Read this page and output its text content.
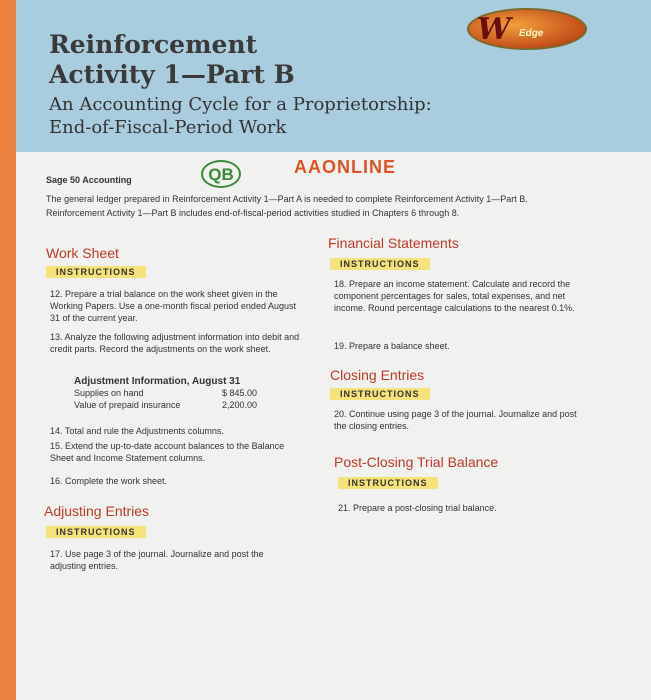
Reinforcement
Activity 1—Part B
An Accounting Cycle for a Proprietorship:
End-of-Fiscal-Period Work
W Edge
Sage 50 Accounting	QB	AAONLINE
The general ledger prepared in Reinforcement Activity 1—Part A is needed to complete Reinforcement Activity 1—Part B.
Reinforcement Activity 1—Part B includes end-of-fiscal-period activities studied in Chapters 6 through 8.
Work Sheet
INSTRUCTIONS

12. Prepare a trial balance on the work sheet given in the Working Papers. Use a one-month fiscal period ended August 31 of the current year.

13. Analyze the following adjustment information into debit and credit parts. Record the adjustments on the work sheet.

Adjustment Information, August 31
Supplies on hand	$ 845.00
Value of prepaid insurance	2,200.00

14. Total and rule the Adjustments columns.

15. Extend the up-to-date account balances to the Balance Sheet and Income Statement columns.

16. Complete the work sheet.

Adjusting Entries
INSTRUCTIONS

17. Use page 3 of the journal. Journalize and post the adjusting entries.

Financial Statements
INSTRUCTIONS

18. Prepare an income statement. Calculate and record the component percentages for sales, total expenses, and net income. Round percentage calculations to the nearest 0.1%.

19. Prepare a balance sheet.

Closing Entries
INSTRUCTIONS

20. Continue using page 3 of the journal. Journalize and post the closing entries.

Post-Closing Trial Balance
INSTRUCTIONS

21. Prepare a post-closing trial balance.
